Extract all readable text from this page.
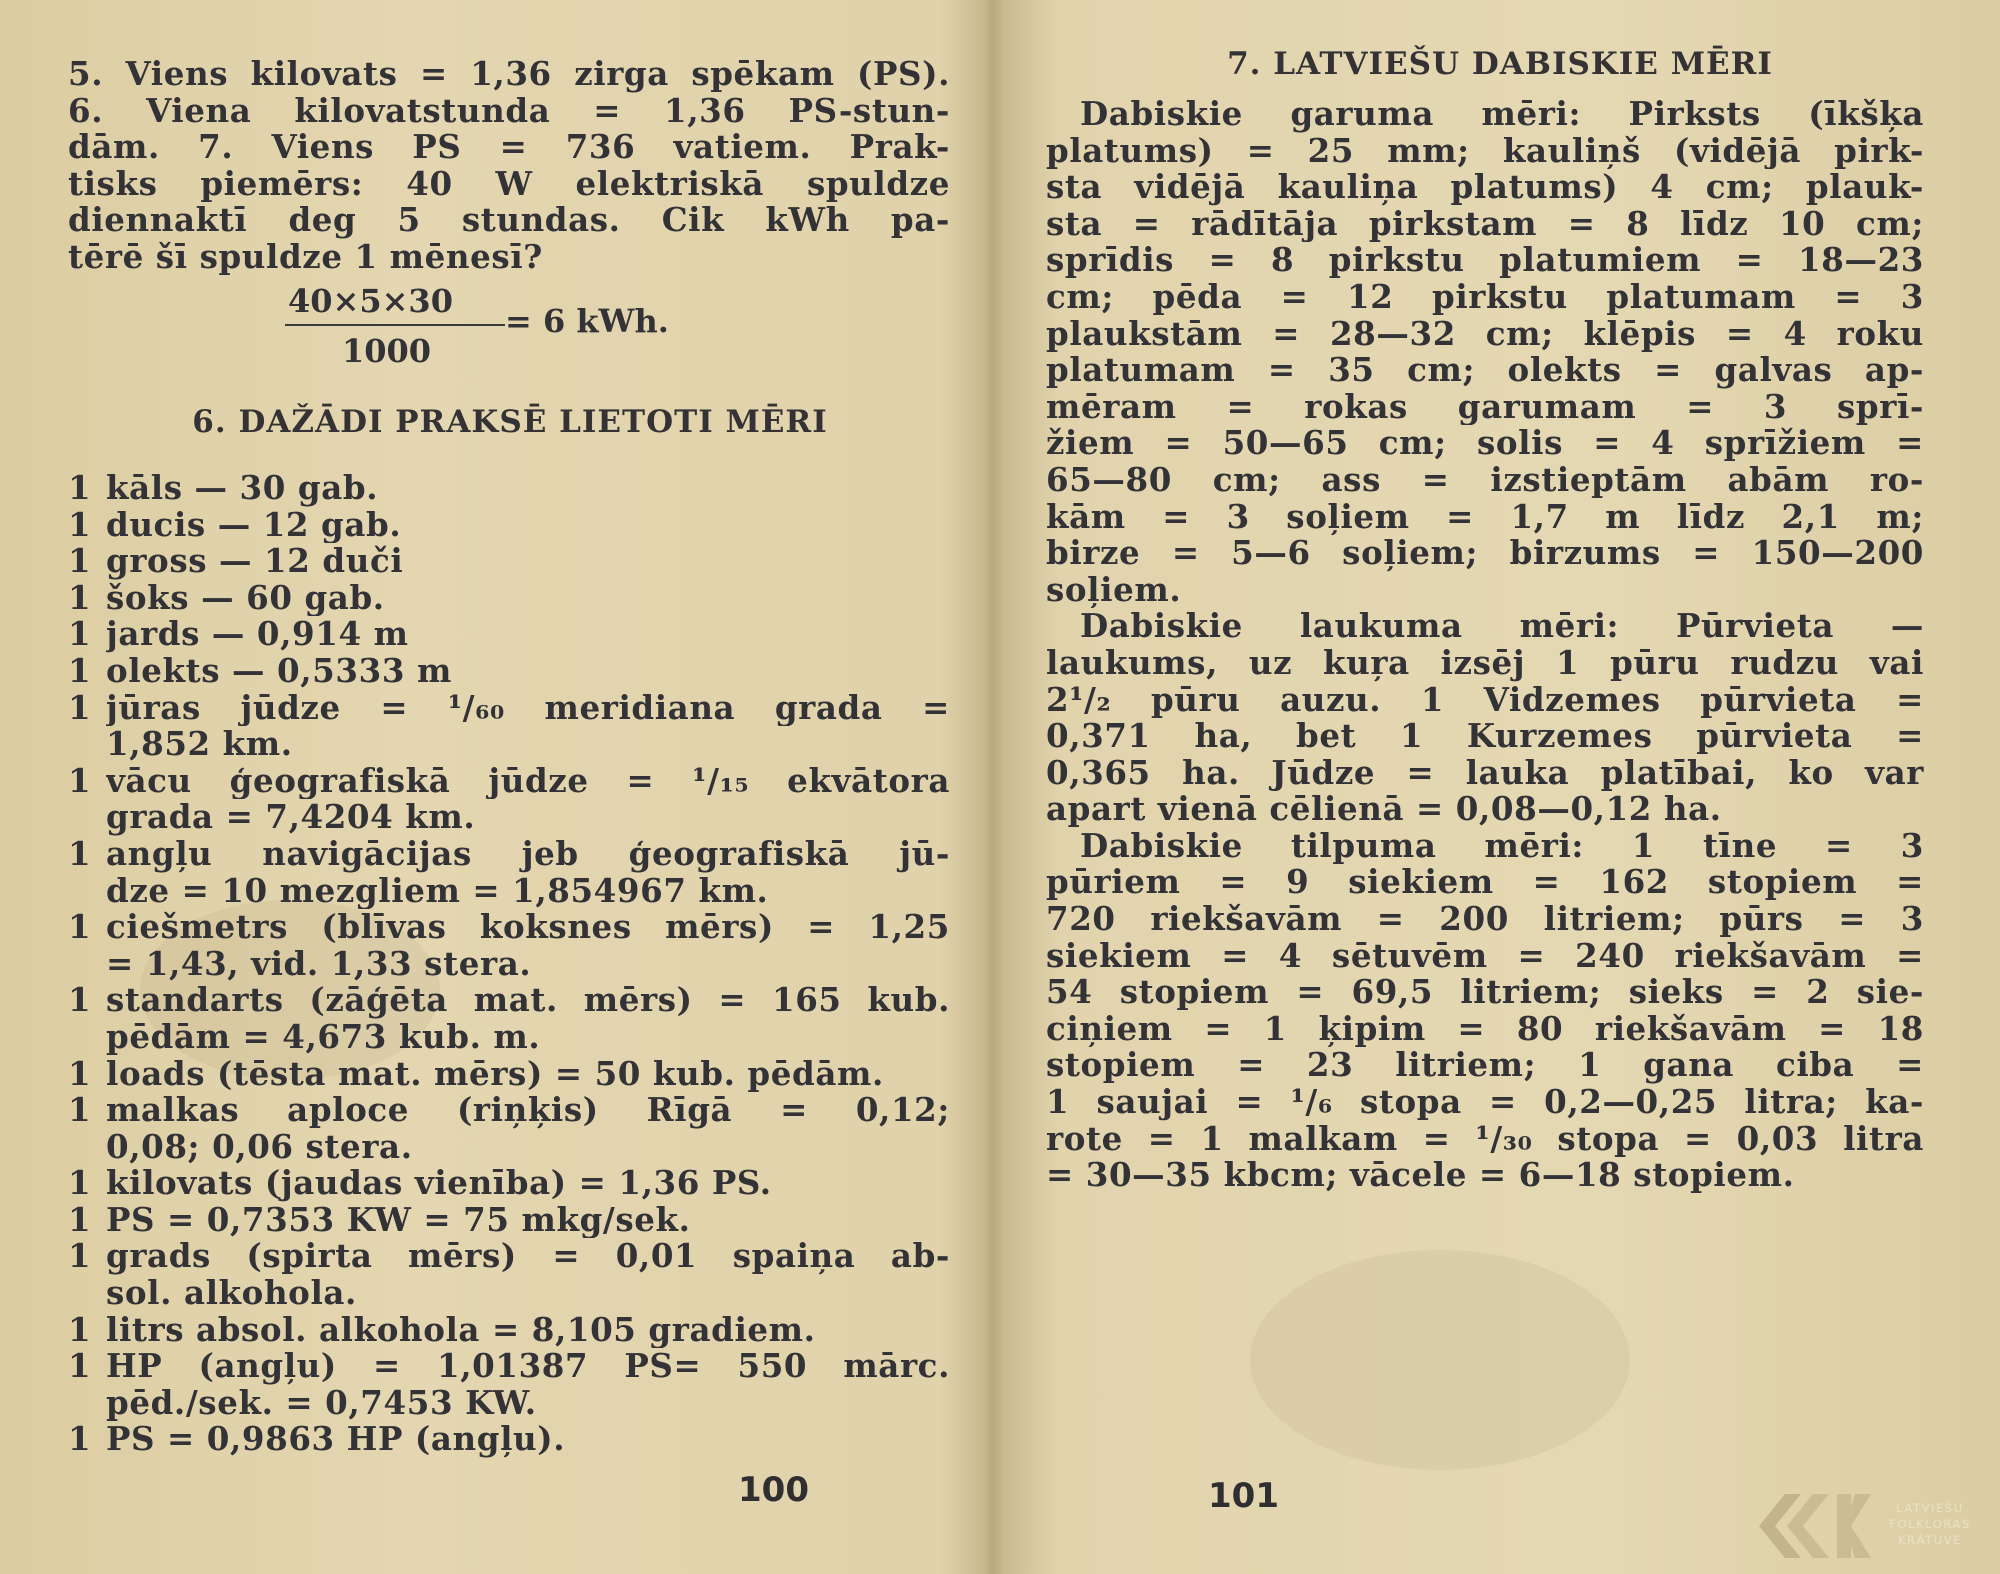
5. Viens kilovats = 1,36 zirga spēkam (PS).
6. Viena kilovatstunda = 1,36 PS-stun-
dām. 7. Viens PS = 736 vatiem. Prak-
tisks piemērs: 40 W elektriskā spuldze
diennaktī deg 5 stundas. Cik kWh pa-
tērē šī spuldze 1 mēnesī?
40×5×30
1000
= 6 kWh.
6. DAŽĀDI PRAKSĒ LIETOTI MĒRI
1 kāls — 30 gab.
1 ducis — 12 gab.
1 gross — 12 duči
1 šoks — 60 gab.
1 jards — 0,914 m
1 olekts — 0,5333 m
1 jūras jūdze = ¹/₆₀ meridiana grada =
1,852 km.
1 vācu ģeografiskā jūdze = ¹/₁₅ ekvātora
grada = 7,4204 km.
1 angļu navigācijas jeb ģeografiskā jū-
dze = 10 mezgliem = 1,854967 km.
1 ciešmetrs (blīvas koksnes mērs) = 1,25
= 1,43, vid. 1,33 stera.
1 standarts (zāģēta mat. mērs) = 165 kub.
pēdām = 4,673 kub. m.
1 loads (tēsta mat. mērs) = 50 kub. pēdām.
1 malkas aploce (riņķis) Rīgā = 0,12;
0,08; 0,06 stera.
1 kilovats (jaudas vienība) = 1,36 PS.
1 PS = 0,7353 KW = 75 mkg/sek.
1 grads (spirta mērs) = 0,01 spaiņa ab-
sol. alkohola.
1 litrs absol. alkohola = 8,105 gradiem.
1 HP (angļu) = 1,01387 PS= 550 mārc.
pēd./sek. = 0,7453 KW.
1 PS = 0,9863 HP (angļu).
100
7. LATVIEŠU DABISKIE MĒRI
Dabiskie garuma mēri: Pirksts (īkšķa
platums) = 25 mm; kauliņš (vidējā pirk-
sta vidējā kauliņa platums) 4 cm; plauk-
sta = rādītāja pirkstam = 8 līdz 10 cm;
sprīdis = 8 pirkstu platumiem = 18—23
cm; pēda = 12 pirkstu platumam = 3
plaukstām = 28—32 cm; klēpis = 4 roku
platumam = 35 cm; olekts = galvas ap-
mēram = rokas garumam = 3 sprī-
žiem = 50—65 cm; solis = 4 sprīžiem =
65—80 cm; ass = izstieptām abām ro-
kām = 3 soļiem = 1,7 m līdz 2,1 m;
birze = 5—6 soļiem; birzums = 150—200
soļiem.
Dabiskie laukuma mēri: Pūrvieta —
laukums, uz kuŗa izsēj 1 pūru rudzu vai
2¹/₂ pūru auzu. 1 Vidzemes pūrvieta =
0,371 ha, bet 1 Kurzemes pūrvieta =
0,365 ha. Jūdze = lauka platībai, ko var
apart vienā cēlienā = 0,08—0,12 ha.
Dabiskie tilpuma mēri: 1 tīne = 3
pūriem = 9 siekiem = 162 stopiem =
720 riekšavām = 200 litriem; pūrs = 3
siekiem = 4 sētuvēm = 240 riekšavām =
54 stopiem = 69,5 litriem; sieks = 2 sie-
ciņiem = 1 ķipim = 80 riekšavām = 18
stopiem = 23 litriem; 1 gana ciba =
1 saujai = ¹/₆ stopa = 0,2—0,25 litra; ka-
rote = 1 malkam = ¹/₃₀ stopa = 0,03 litra
= 30—35 kbcm; vācele = 6—18 stopiem.
101	LATVIEŠU
FOLKLORAS
KRĀTUVE
